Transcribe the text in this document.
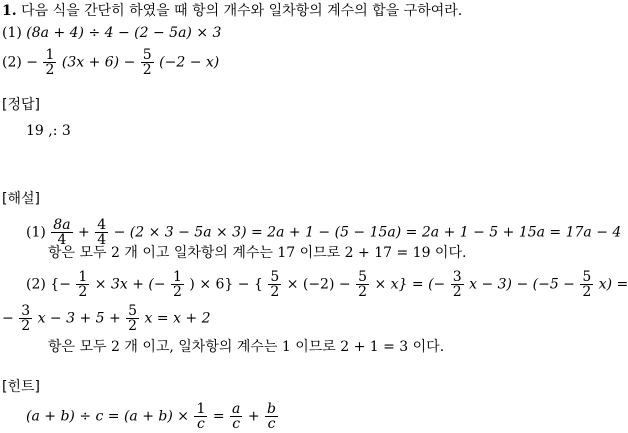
1. 다음 식을 간단히 하였을 때 항의 개수와 일차항의 계수의 합을 구하여라.
(1) (8a + 4) ÷ 4 − (2 − 5a) × 3
$(2) - \frac{1}{2} (3x + 6) - \frac{5}{2} (-2 - x)$
[정답]
19 ,: 3
[해설]
$(1) \frac{8a}{4} + \frac{4}{4} - (2 \times 3 - 5a \times 3) = 2a + 1 - (5 - 15a) = 2a + 1 - 5 + 15a = 17a - 4$
항은 모두 2 개 이고 일차항의 계수는 17 이므로 2 + 17 = 19 이다.
(2) {− $\frac{1}{2} \times 3x$ + (− $\frac{1}{2}$ ) × 6} − { $\frac{5}{2} \times (-2) - \frac{5}{2} \times x$} = (− $\frac{3}{2}$ $x - 3) - (-5 - \frac{5}{2} x)$ =
− $\frac{3}{2}$ $x - 3 + 5 + \frac{5}{2}$ x = x + 2
항은 모두 2 개 이고, 일차항의 계수는 1 이므로 2 + 1 = 3 이다.
[힌트]
$(a + b) \div c = (a + b) \times \frac{1}{c} = \frac{a}{c} + \frac{b}{c}$
